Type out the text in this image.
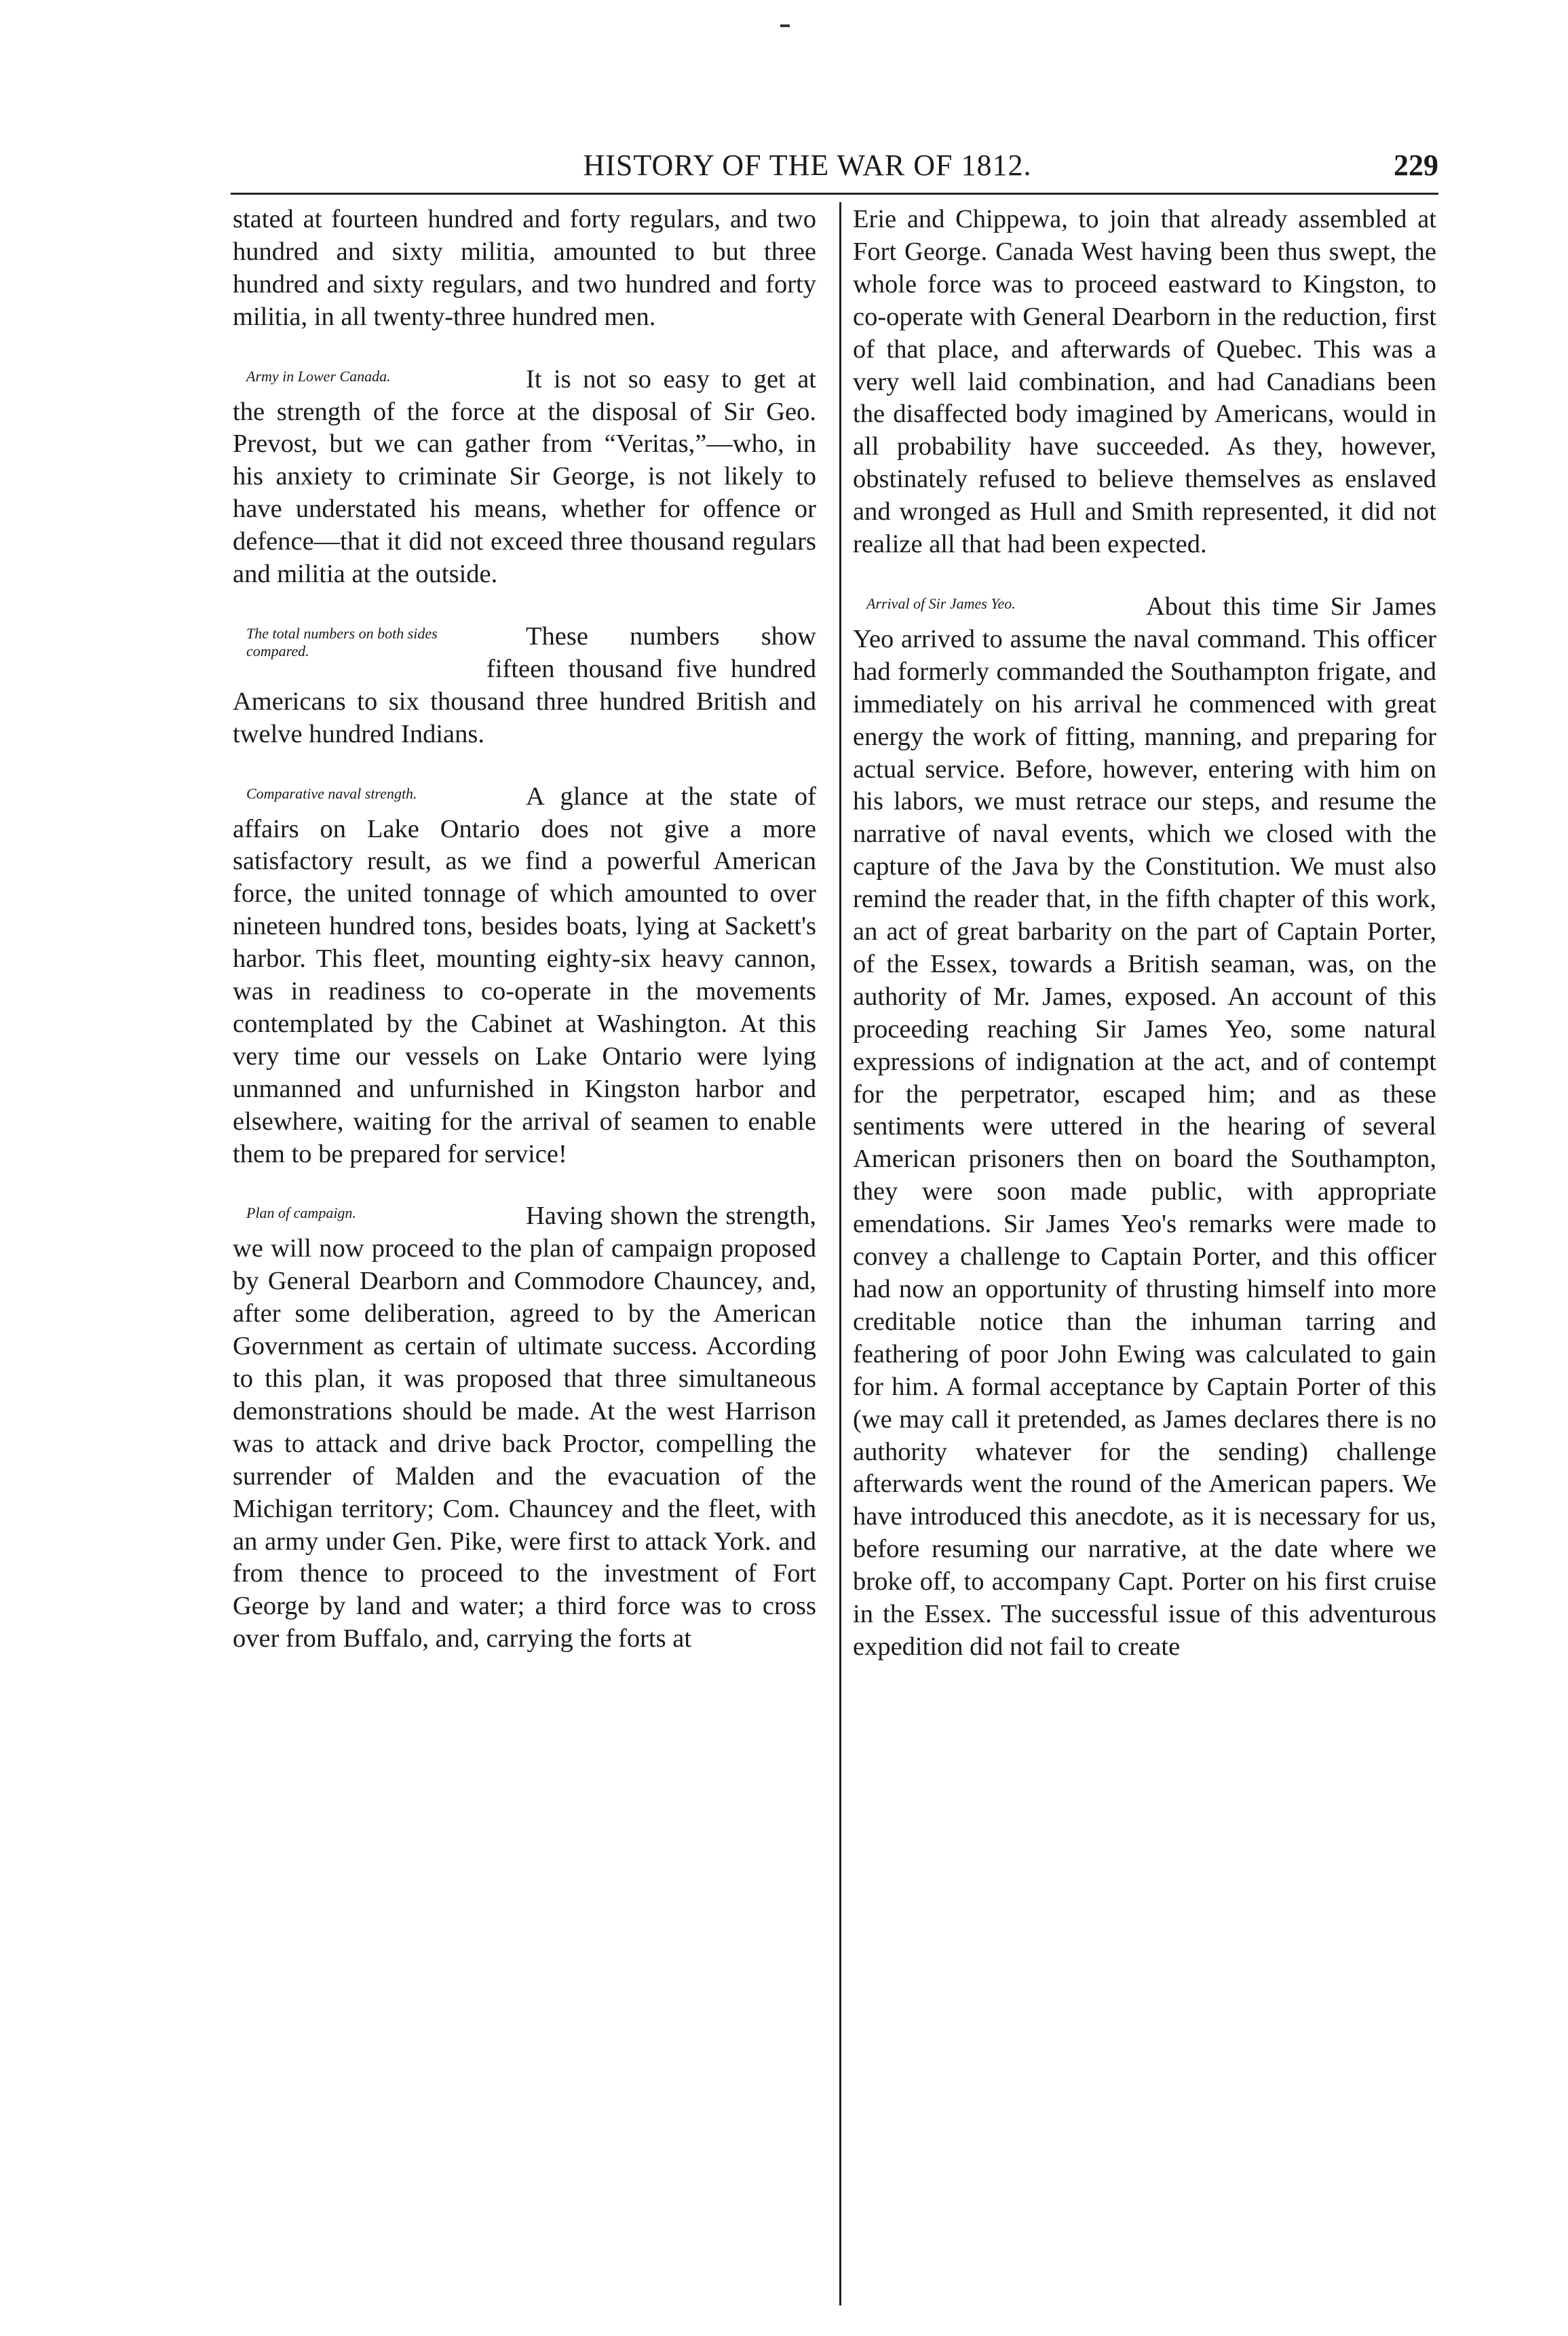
HISTORY OF THE WAR OF 1812.	229

stated at fourteen hundred and forty regulars, and two hundred and sixty militia, amounted to but three hundred and sixty regulars, and two hundred and forty militia, in all twenty-three hundred men.

Army in Lower Canada.	It is not so easy to get at the strength of the force at the disposal of Sir Geo. Prevost, but we can gather from “Veritas,”—who, in his anxiety to criminate Sir George, is not likely to have understated his means, whether for offence or defence—that it did not exceed three thousand regulars and militia at the outside.

The total numbers on both sides compared.
These numbers show fifteen thousand five hundred Americans to six thousand three hundred British and twelve hundred Indians.

Comparative naval strength.	A glance at the state of affairs on Lake Ontario does not give a more satisfactory result, as we find a powerful American force, the united tonnage of which amounted to over nineteen hundred tons, besides boats, lying at Sackett's harbor. This fleet, mounting eighty-six heavy cannon, was in readiness to co-operate in the movements contemplated by the Cabinet at Washington. At this very time our vessels on Lake Ontario were lying unmanned and unfurnished in Kingston harbor and elsewhere, waiting for the arrival of seamen to enable them to be prepared for service!

Plan of campaign.	Having shown the strength, we will now proceed to the plan of campaign proposed by General Dearborn and Commodore Chauncey, and, after some deliberation, agreed to by the American Government as certain of ultimate success. According to this plan, it was proposed that three simultaneous demonstrations should be made. At the west Harrison was to attack and drive back Proctor, compelling the surrender of Malden and the evacuation of the Michigan territory; Com. Chauncey and the fleet, with an army under Gen. Pike, were first to attack York. and from thence to proceed to the investment of Fort George by land and water; a third force was to cross over from Buffalo, and, carrying the forts at

Erie and Chippewa, to join that already assembled at Fort George. Canada West having been thus swept, the whole force was to proceed eastward to Kingston, to co-operate with General Dearborn in the reduction, first of that place, and afterwards of Quebec. This was a very well laid combination, and had Canadians been the disaffected body imagined by Americans, would in all probability have succeeded. As they, however, obstinately refused to believe themselves as enslaved and wronged as Hull and Smith represented, it did not realize all that had been expected.

Arrival of Sir James Yeo.	About this time Sir James Yeo arrived to assume the naval command. This officer had formerly commanded the Southampton frigate, and immediately on his arrival he commenced with great energy the work of fitting, manning, and preparing for actual service. Before, however, entering with him on his labors, we must retrace our steps, and resume the narrative of naval events, which we closed with the capture of the Java by the Constitution. We must also remind the reader that, in the fifth chapter of this work, an act of great barbarity on the part of Captain Porter, of the Essex, towards a British seaman, was, on the authority of Mr. James, exposed. An account of this proceeding reaching Sir James Yeo, some natural expressions of indignation at the act, and of contempt for the perpetrator, escaped him; and as these sentiments were uttered in the hearing of several American prisoners then on board the Southampton, they were soon made public, with appropriate emendations. Sir James Yeo's remarks were made to convey a challenge to Captain Porter, and this officer had now an opportunity of thrusting himself into more creditable notice than the inhuman tarring and feathering of poor John Ewing was calculated to gain for him. A formal acceptance by Captain Porter of this (we may call it pretended, as James declares there is no authority whatever for the sending) challenge afterwards went the round of the American papers. We have introduced this anecdote, as it is necessary for us, before resuming our narrative, at the date where we broke off, to accompany Capt. Porter on his first cruise in the Essex. The successful issue of this adventurous expedition did not fail to create
